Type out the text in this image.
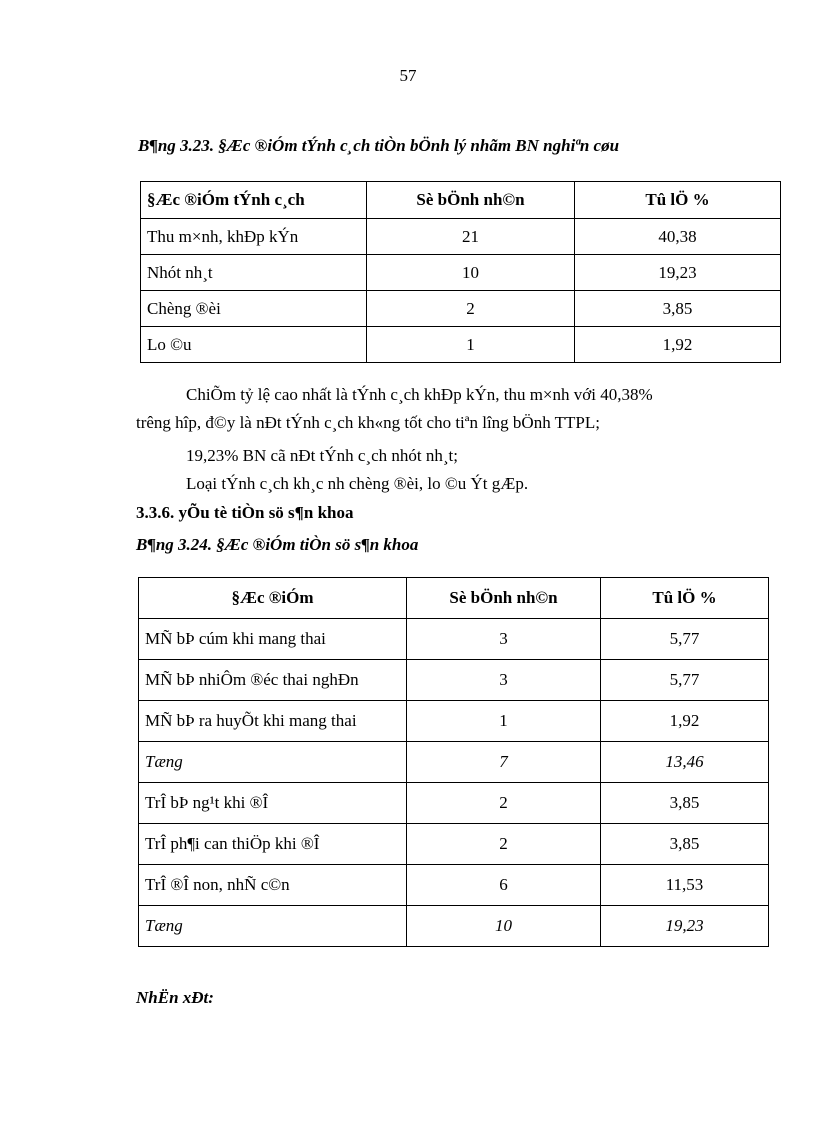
57
B¶ng 3.23. §Æc ®iÓm tÝnh c¸ch tiÒn bÖnh lý nhãm BN nghiªn cøu
§Æc ®iÓm tÝnh c¸ch	Sè bÖnh nh©n	Tû lÖ %
Thu m×nh, khÐp kÝn	21	40,38
Nhót nh¸t	10	19,23
Chèng ®èi	2	3,85
Lo ©u	1	1,92
ChiÕm tỷ lệ cao nhất là tÝnh c¸ch khÐp kÝn, thu m×nh với 40,38%
trêng hîp, đ©y là nÐt tÝnh c¸ch kh«ng tốt cho tiªn lîng bÖnh TTPL;
19,23% BN cã nÐt tÝnh c¸ch nhót nh¸t;
Loại tÝnh c¸ch kh¸c nh chèng ®èi, lo ©u Ýt gÆp.
3.3.6. yÕu tè tiÒn sö s¶n khoa
B¶ng 3.24. §Æc ®iÓm tiÒn sö s¶n khoa
§Æc ®iÓm	Sè bÖnh nh©n	Tû lÖ %
MÑ bÞ cúm khi mang thai	3	5,77
MÑ bÞ nhiÔm ®éc thai nghÐn	3	5,77
MÑ bÞ ra huyÕt khi mang thai	1	1,92
Tæng	7	13,46
TrÎ bÞ ng¹t khi ®Î	2	3,85
TrÎ ph¶i can thiÖp khi ®Î	2	3,85
TrÎ ®Î non, nhÑ c©n	6	11,53
Tæng	10	19,23
NhËn xÐt:
